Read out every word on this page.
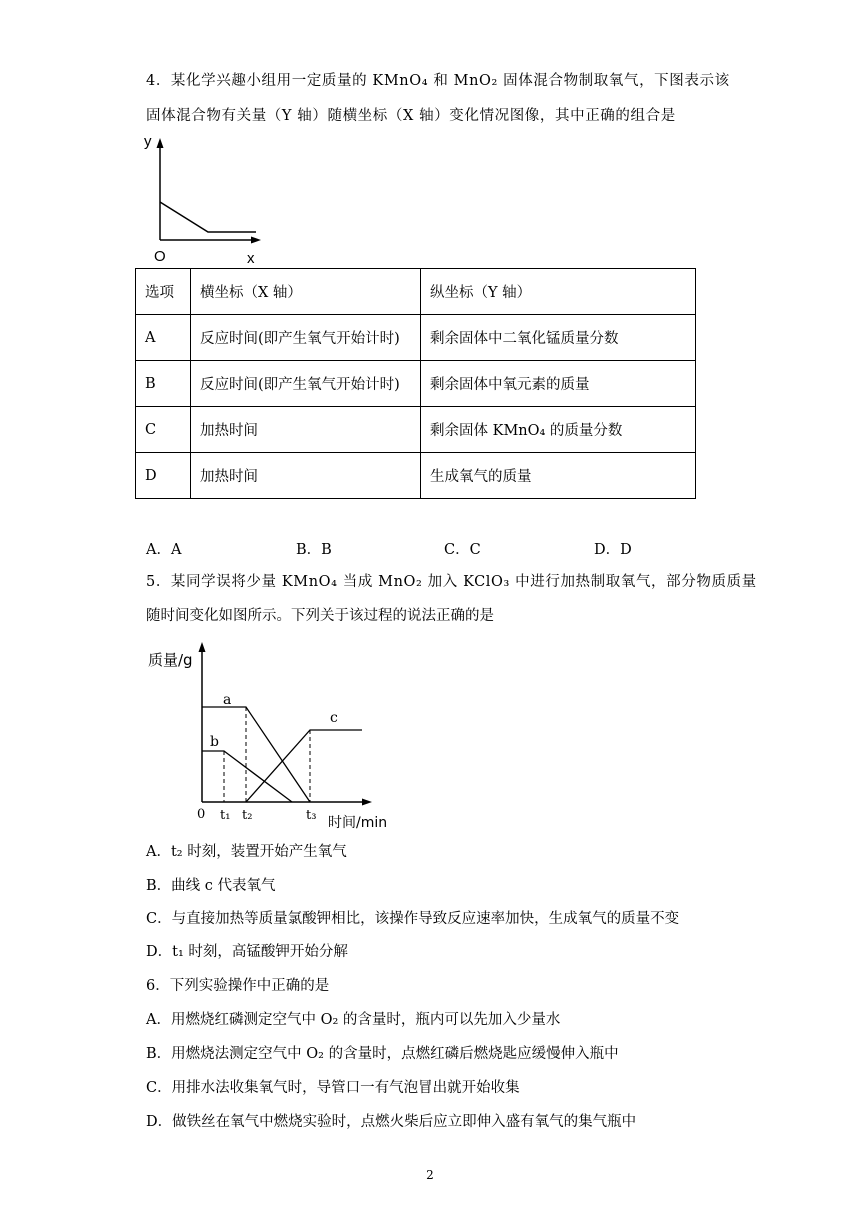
4．某化学兴趣小组用一定质量的 KMnO₄ 和 MnO₂ 固体混合物制取氧气，下图表示该
固体混合物有关量（Y 轴）随横坐标（X 轴）变化情况图像，其中正确的组合是
y
O	x
选项	横坐标（X 轴）	纵坐标（Y 轴）
A	反应时间(即产生氧气开始计时)	剩余固体中二氧化锰质量分数
B	反应时间(即产生氧气开始计时)	剩余固体中氧元素的质量
C	加热时间	剩余固体 KMnO₄ 的质量分数
D	加热时间	生成氧气的质量
A．A	B．B	C．C	D．D
5．某同学误将少量 KMnO₄ 当成 MnO₂ 加入 KClO₃ 中进行加热制取氧气，部分物质质量
随时间变化如图所示。下列关于该过程的说法正确的是
质量/g
a
b
c
0 t₁ t₂	t₃ 时间/min
A．t₂ 时刻，装置开始产生氧气
B．曲线 c 代表氧气
C．与直接加热等质量氯酸钾相比，该操作导致反应速率加快，生成氧气的质量不变
D．t₁ 时刻，高锰酸钾开始分解
6．下列实验操作中正确的是
A．用燃烧红磷测定空气中 O₂ 的含量时，瓶内可以先加入少量水
B．用燃烧法测定空气中 O₂ 的含量时，点燃红磷后燃烧匙应缓慢伸入瓶中
C．用排水法收集氧气时，导管口一有气泡冒出就开始收集
D．做铁丝在氧气中燃烧实验时，点燃火柴后应立即伸入盛有氧气的集气瓶中
2
